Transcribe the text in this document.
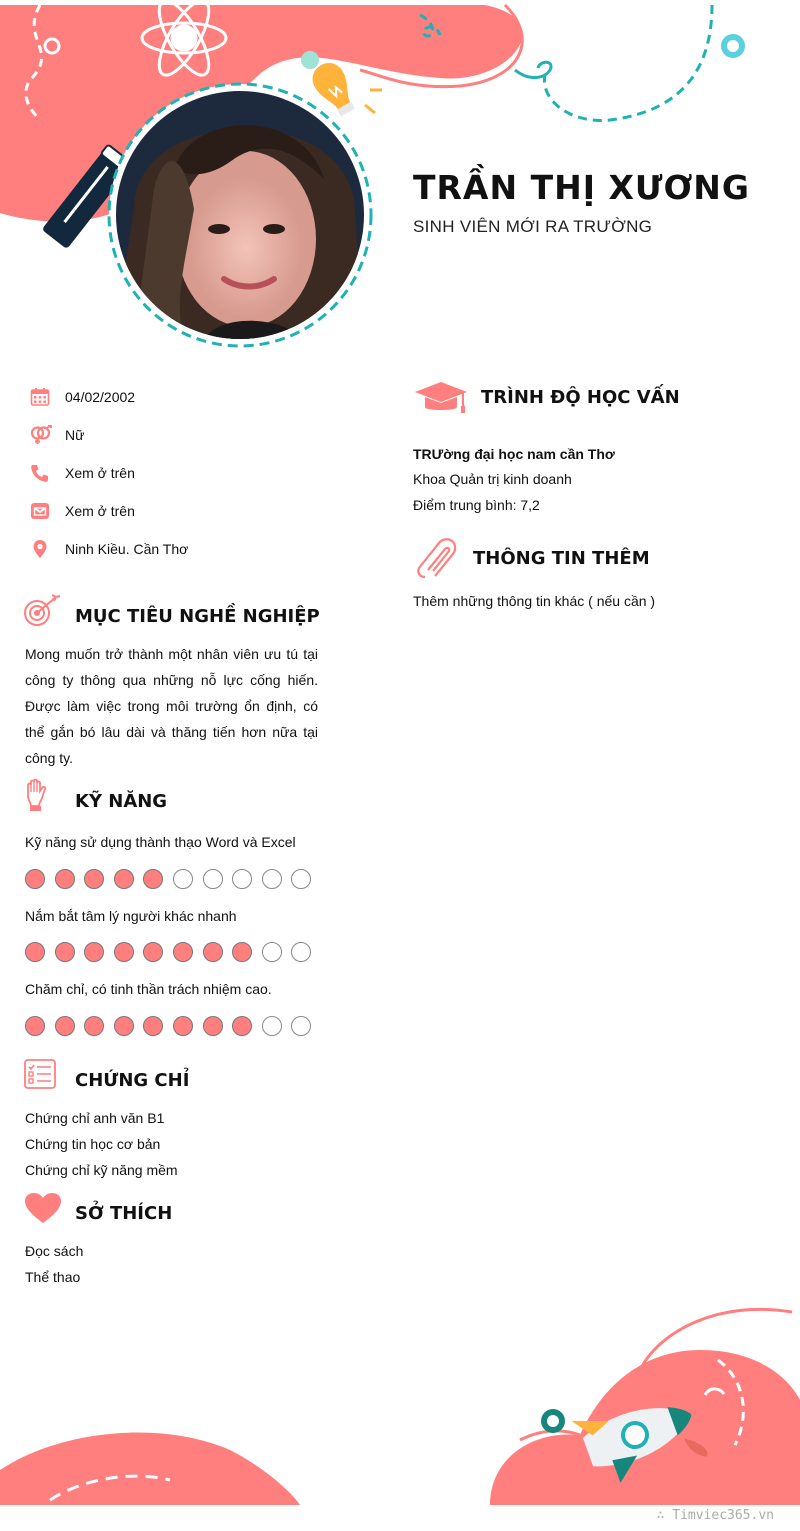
TRẦN THỊ XƯƠNG
SINH VIÊN MỚI RA TRƯỜNG
04/02/2002
Nữ
Xem ở trên
Xem ở trên
Ninh Kiều. Cần Thơ
MỤC TIÊU NGHỀ NGHIỆP
Mong muốn trở thành một nhân viên ưu tú tại công ty thông qua những nỗ lực cống hiến. Được làm việc trong môi trường ổn định, có thể gắn bó lâu dài và thăng tiến hơn nữa tại công ty.
KỸ NĂNG
Kỹ năng sử dụng thành thạo Word và Excel
Nắm bắt tâm lý người khác nhanh
Chăm chỉ, có tinh thần trách nhiệm cao.
CHỨNG CHỈ
Chứng chỉ anh văn B1
Chứng tin học cơ bản
Chứng chỉ kỹ năng mềm
SỞ THÍCH
Đọc sách
Thể thao
TRÌNH ĐỘ HỌC VẤN
TRƯờng đại học nam cần Thơ
Khoa Quản trị kinh doanh
Điểm trung bình: 7,2
THÔNG TIN THÊM
Thêm những thông tin khác ( nếu cần )
∴ Timviec365.vn
